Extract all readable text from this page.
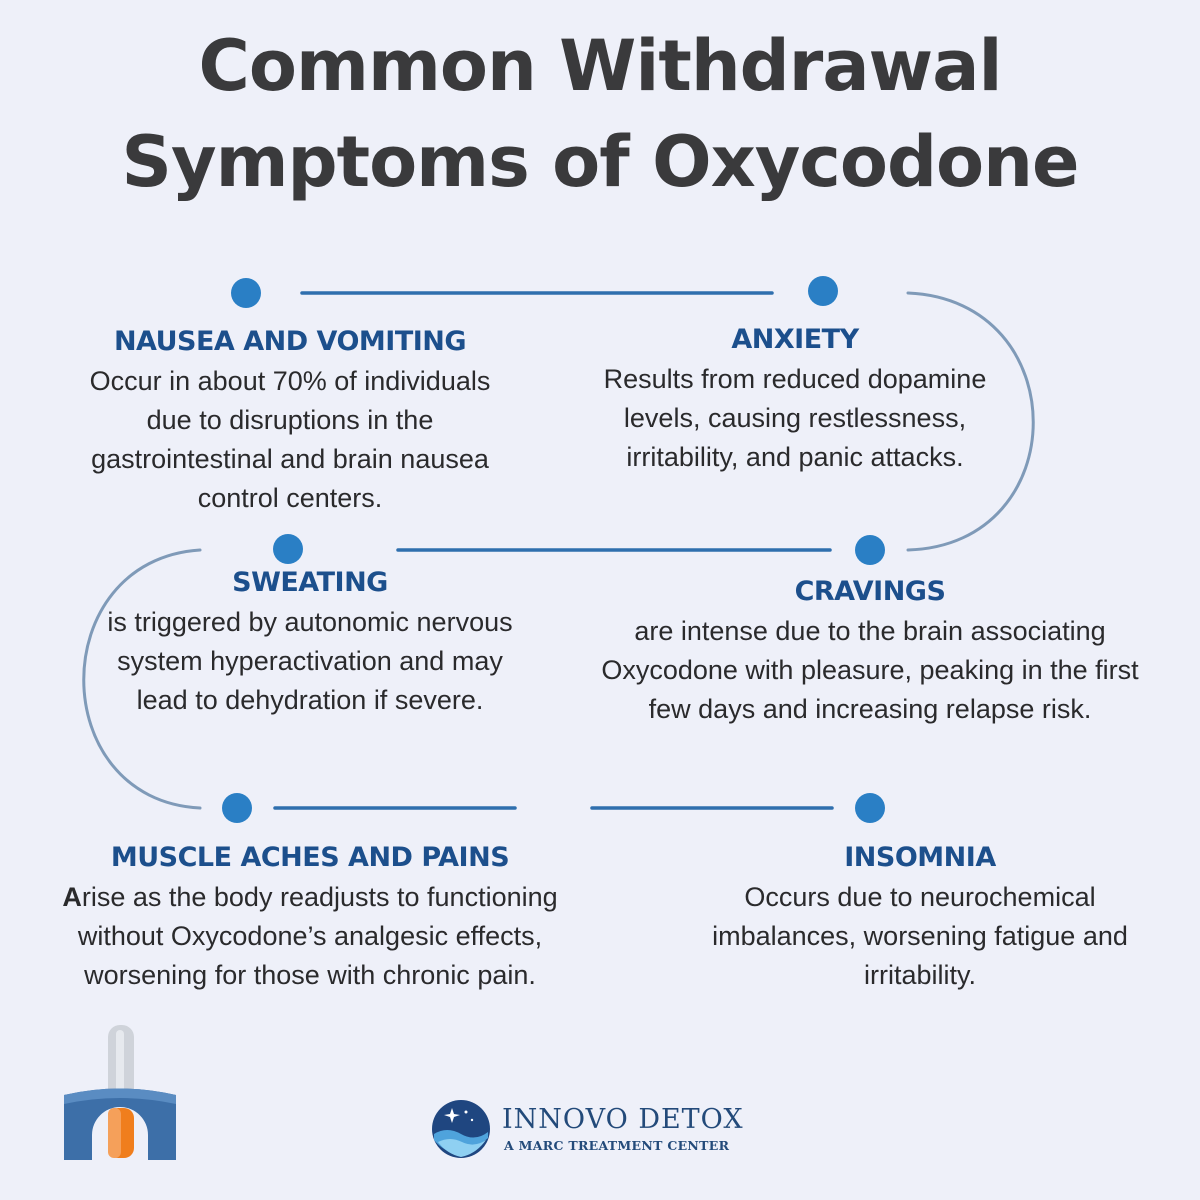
Common Withdrawal
Symptoms of Oxycodone
NAUSEA AND VOMITING

Occur in about 70% of individuals due to disruptions in the gastrointestinal and brain nausea control centers.

ANXIETY

Results from reduced dopamine levels, causing restlessness, irritability, and panic attacks.

SWEATING

is triggered by autonomic nervous system hyperactivation and may lead to dehydration if severe.

CRAVINGS

are intense due to the brain associating Oxycodone with pleasure, peaking in the first few days and increasing relapse risk.

MUSCLE ACHES AND PAINS

Arise as the body readjusts to functioning without Oxycodone’s analgesic effects, worsening for those with chronic pain.

INSOMNIA

Occurs due to neurochemical imbalances, worsening fatigue and irritability.

INNOVO DETOX

A MARC TREATMENT CENTER
